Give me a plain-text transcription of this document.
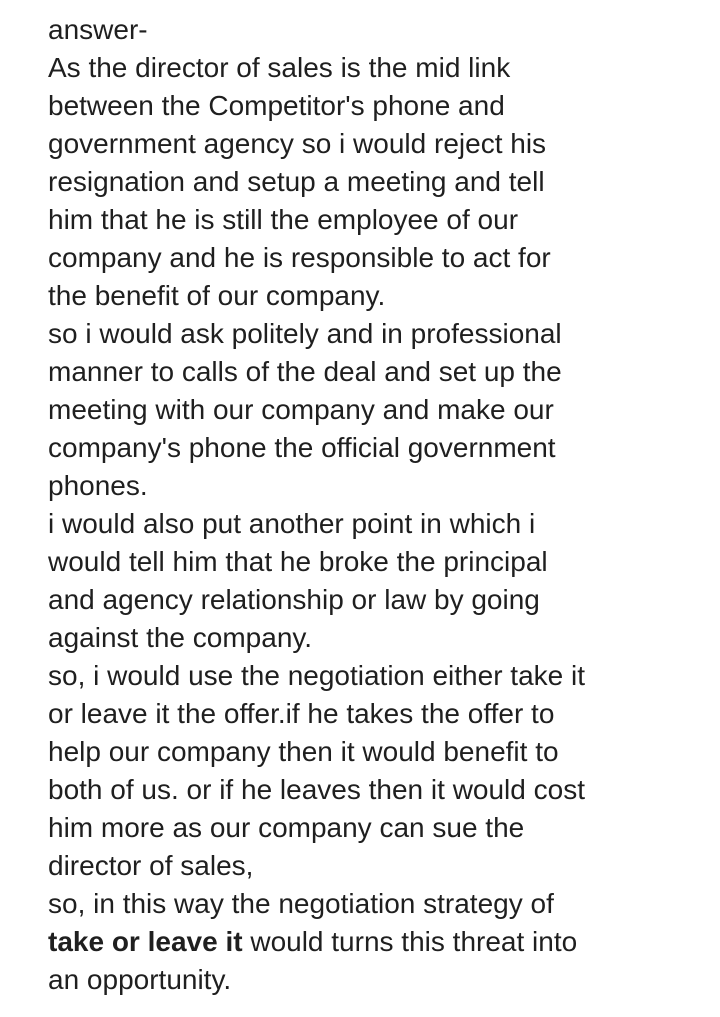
answer-

As the director of sales is the mid link
between the Competitor's phone and
government agency so i would reject his
resignation and setup a meeting and tell
him that he is still the employee of our
company and he is responsible to act for
the benefit of our company.

so i would ask politely and in professional
manner to calls of the deal and set up the
meeting with our company and make our
company's phone the official government
phones.

i would also put another point in which i
would tell him that he broke the principal
and agency relationship or law by going
against the company.

so, i would use the negotiation either take it
or leave it the offer.if he takes the offer to
help our company then it would benefit to
both of us. or if he leaves then it would cost
him more as our company can sue the
director of sales,

so, in this way the negotiation strategy of
take or leave it would turns this threat into
an opportunity.
